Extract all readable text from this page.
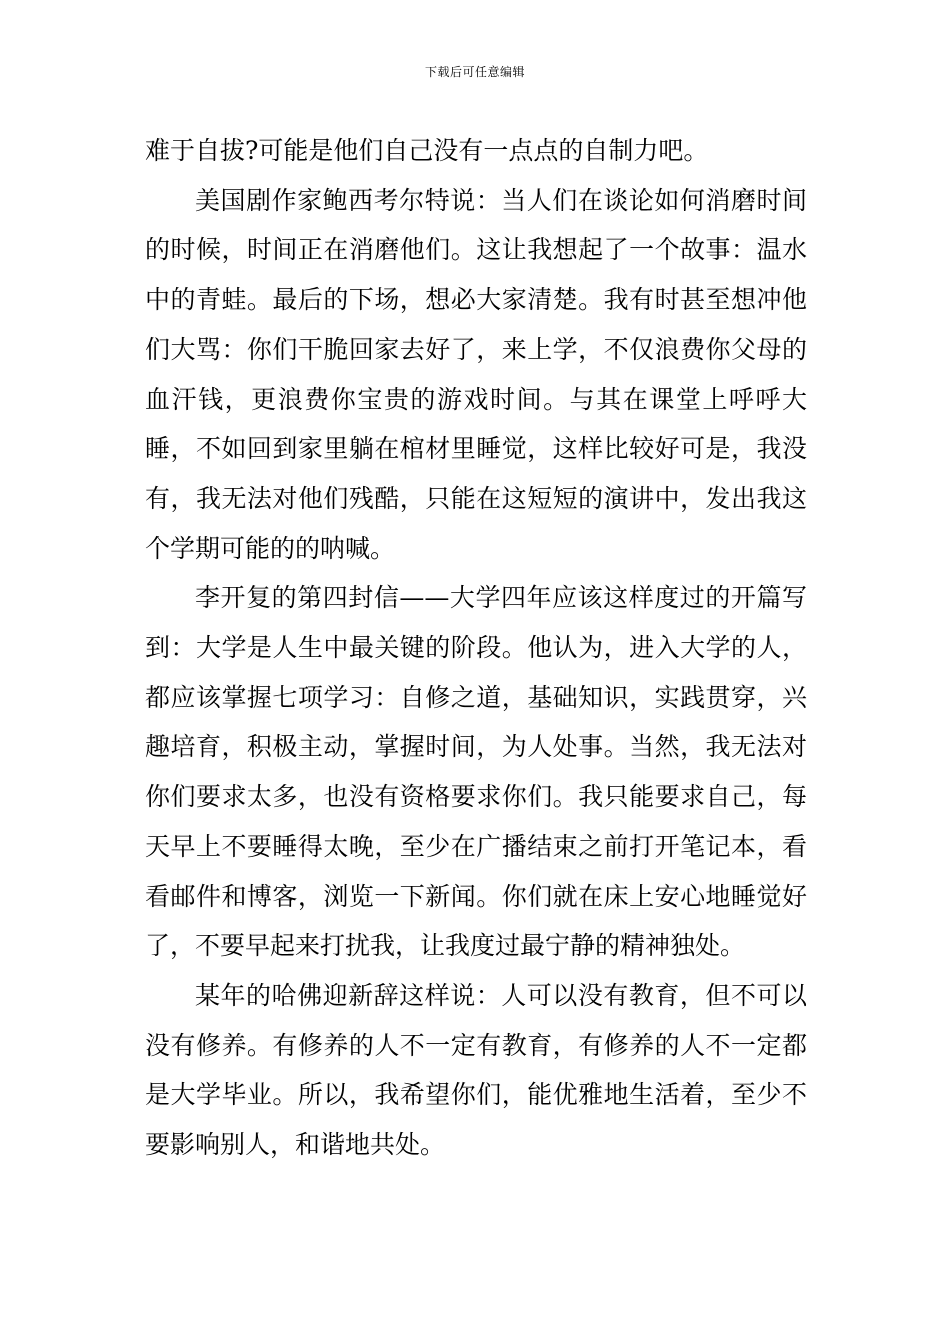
下载后可任意编辑

难于自拔?可能是他们自己没有一点点的自制力吧。

美国剧作家鲍西考尔特说：当人们在谈论如何消磨时间的时候，时间正在消磨他们。这让我想起了一个故事：温水中的青蛙。最后的下场，想必大家清楚。我有时甚至想冲他们大骂：你们干脆回家去好了，来上学，不仅浪费你父母的血汗钱，更浪费你宝贵的游戏时间。与其在课堂上呼呼大睡，不如回到家里躺在棺材里睡觉，这样比较好可是，我没有，我无法对他们残酷，只能在这短短的演讲中，发出我这个学期可能的的呐喊。

李开复的第四封信——大学四年应该这样度过的开篇写到：大学是人生中最关键的阶段。他认为，进入大学的人，都应该掌握七项学习：自修之道，基础知识，实践贯穿，兴趣培育，积极主动，掌握时间，为人处事。当然，我无法对你们要求太多，也没有资格要求你们。我只能要求自己，每天早上不要睡得太晚，至少在广播结束之前打开笔记本，看看邮件和博客，浏览一下新闻。你们就在床上安心地睡觉好了，不要早起来打扰我，让我度过最宁静的精神独处。

某年的哈佛迎新辞这样说：人可以没有教育，但不可以没有修养。有修养的人不一定有教育，有修养的人不一定都是大学毕业。所以，我希望你们，能优雅地生活着，至少不要影响别人，和谐地共处。
